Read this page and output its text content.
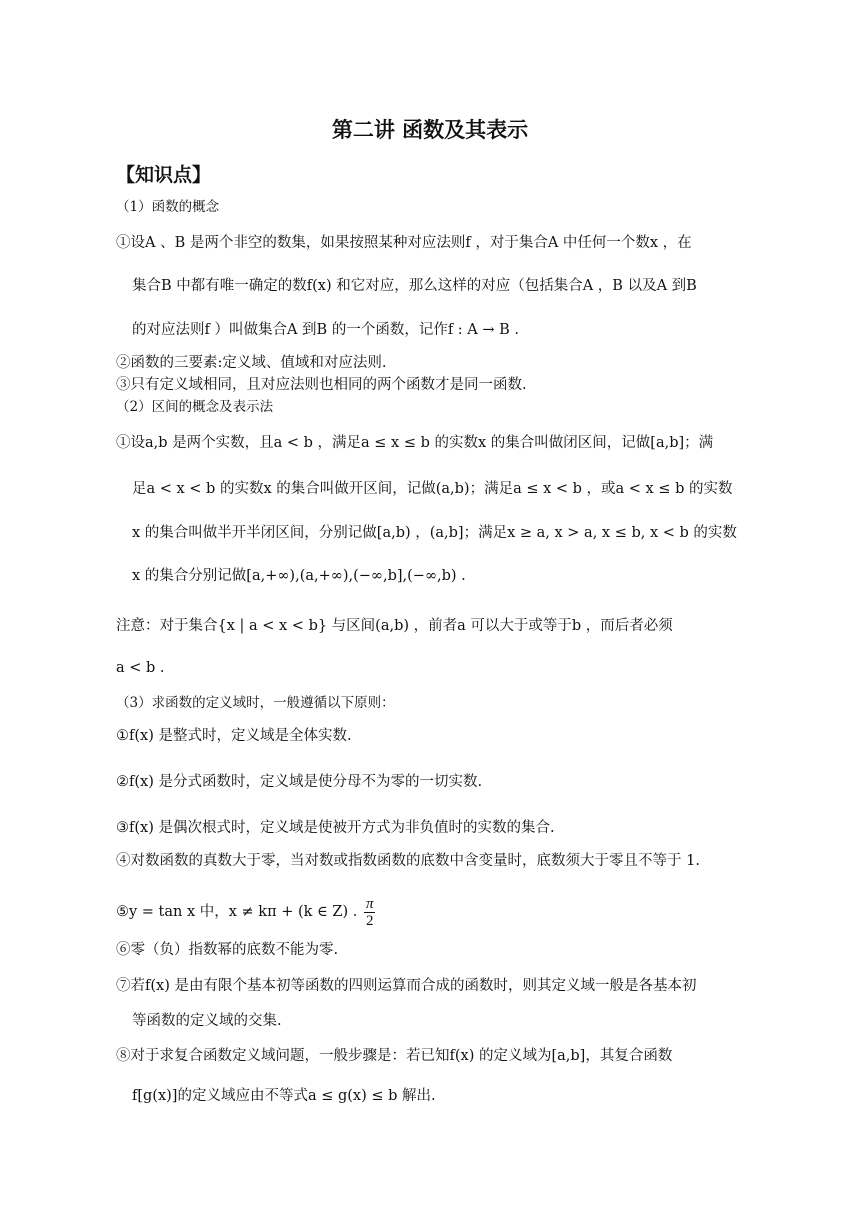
第二讲 函数及其表示
【知识点】
（1）函数的概念
①设A 、B 是两个非空的数集，如果按照某种对应法则f ，对于集合A 中任何一个数x ，在
集合B 中都有唯一确定的数f(x) 和它对应，那么这样的对应（包括集合A ，B 以及A 到B
的对应法则f ）叫做集合A 到B 的一个函数，记作f : A → B .
②函数的三要素:定义域、值域和对应法则.
③只有定义域相同，且对应法则也相同的两个函数才是同一函数.
（2）区间的概念及表示法
①设a,b 是两个实数，且a < b ，满足a ≤ x ≤ b 的实数x 的集合叫做闭区间，记做[a,b]；满
足a < x < b 的实数x 的集合叫做开区间，记做(a,b)；满足a ≤ x < b ，或a < x ≤ b 的实数
x 的集合叫做半开半闭区间，分别记做[a,b) ，(a,b]；满足x ≥ a, x > a, x ≤ b, x < b 的实数
x 的集合分别记做[a,+∞),(a,+∞),(−∞,b],(−∞,b) .
注意：对于集合{x | a < x < b} 与区间(a,b) ，前者a 可以大于或等于b ，而后者必须
a < b .
（3）求函数的定义域时，一般遵循以下原则：
①f(x) 是整式时，定义域是全体实数.
②f(x) 是分式函数时，定义域是使分母不为零的一切实数.
③f(x) 是偶次根式时，定义域是使被开方式为非负值时的实数的集合.
④对数函数的真数大于零，当对数或指数函数的底数中含变量时，底数须大于零且不等于 1.
⑤y = tan x 中，x ≠ kπ + (k ∈ Z) . $\frac{\pi}{2}$
⑥零（负）指数幂的底数不能为零.
⑦若f(x) 是由有限个基本初等函数的四则运算而合成的函数时，则其定义域一般是各基本初
等函数的定义域的交集.
⑧对于求复合函数定义域问题，一般步骤是：若已知f(x) 的定义域为[a,b]，其复合函数
f[g(x)]的定义域应由不等式a ≤ g(x) ≤ b 解出.
